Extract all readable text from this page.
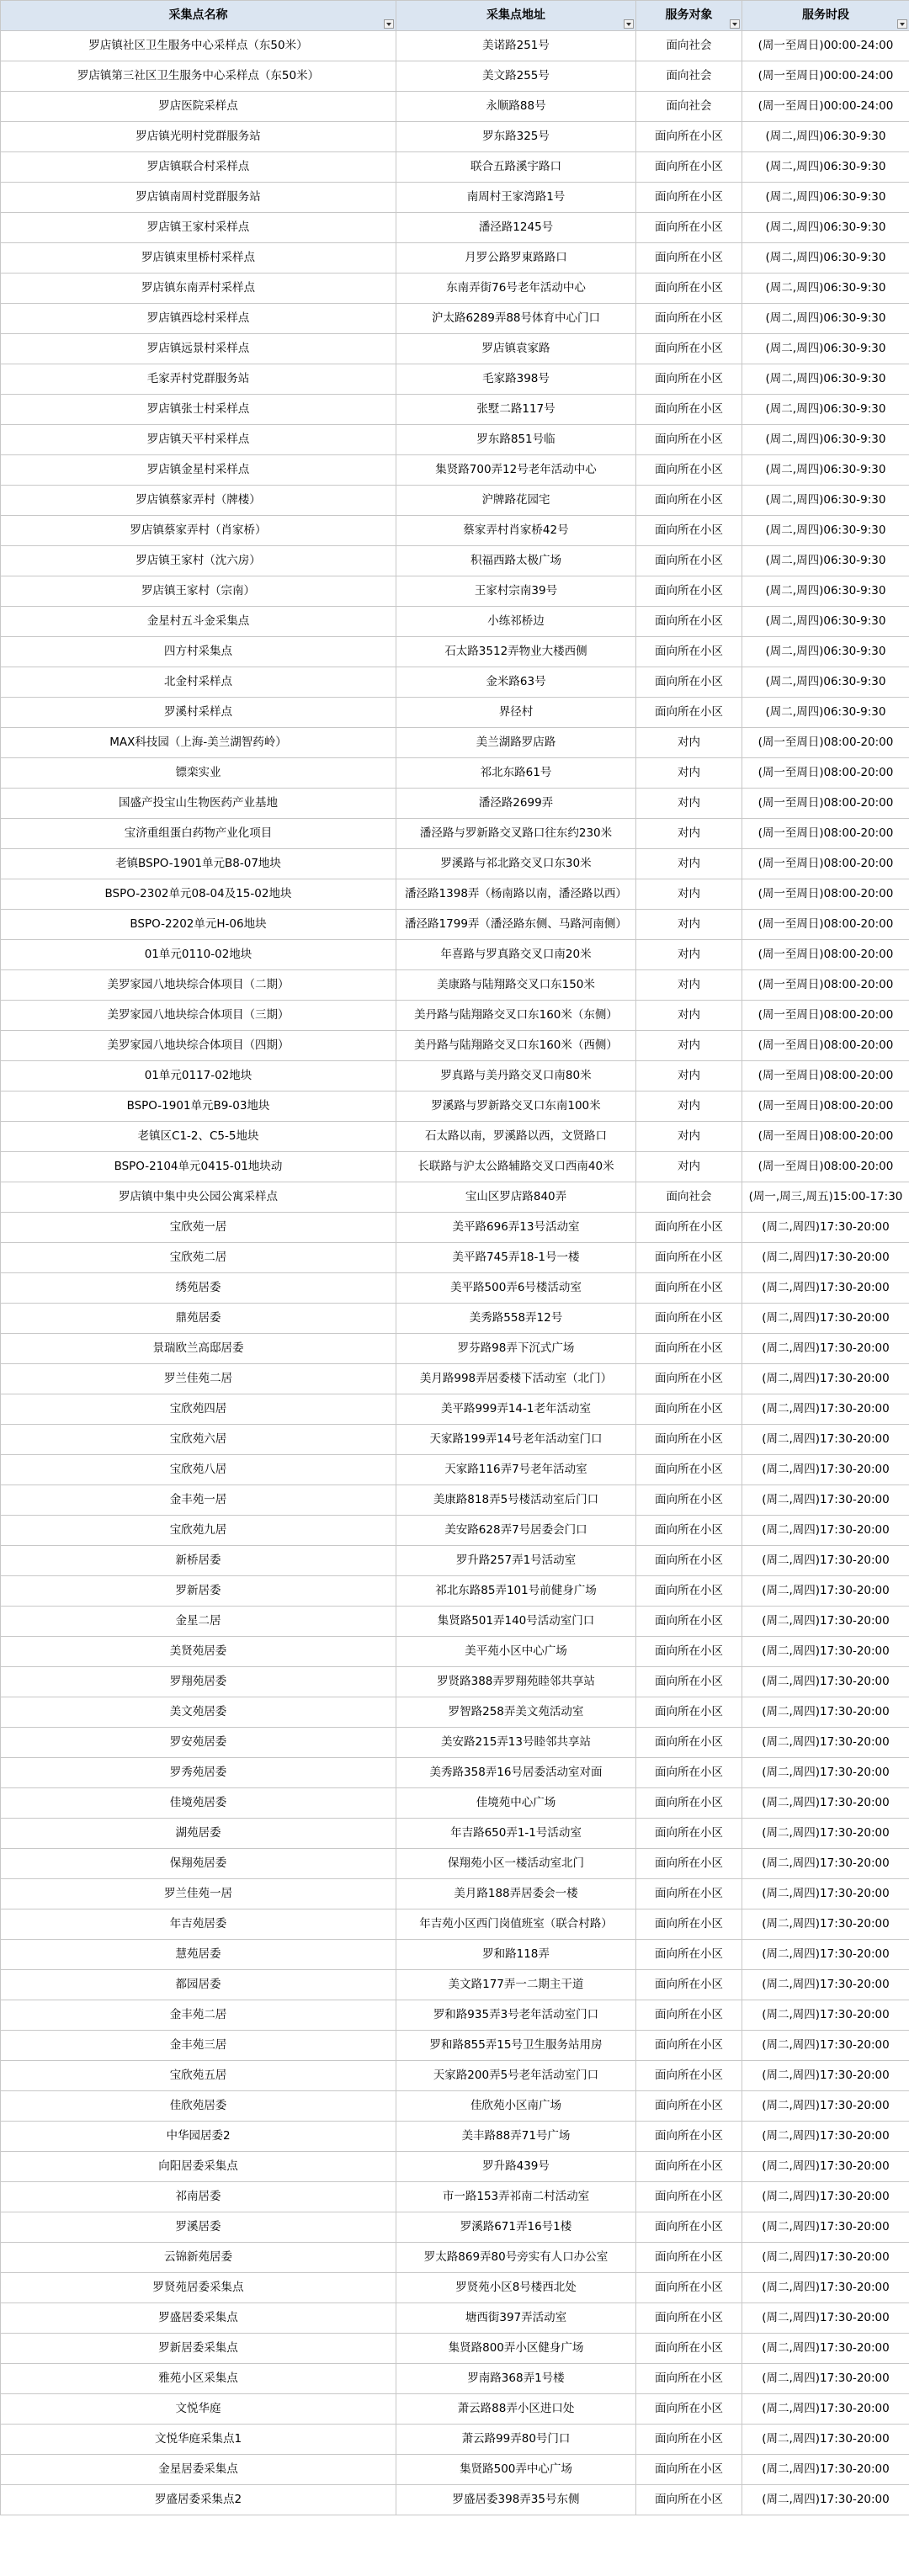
采集点名称	采集点地址	服务对象	服务时段

罗店镇社区卫生服务中心采样点（东50米）	美诺路251号	面向社会	(周一至周日)00:00-24:00
罗店镇第三社区卫生服务中心采样点（东50米）	美文路255号	面向社会	(周一至周日)00:00-24:00
罗店医院采样点	永顺路88号	面向社会	(周一至周日)00:00-24:00
罗店镇光明村党群服务站	罗东路325号	面向所在小区	(周二,周四)06:30-9:30
罗店镇联合村采样点	联合五路溪宇路口	面向所在小区	(周二,周四)06:30-9:30
罗店镇南周村党群服务站	南周村王家湾路1号	面向所在小区	(周二,周四)06:30-9:30
罗店镇王家村采样点	潘泾路1245号	面向所在小区	(周二,周四)06:30-9:30
罗店镇束里桥村采样点	月罗公路罗東路路口	面向所在小区	(周二,周四)06:30-9:30
罗店镇东南弄村采样点	东南弄街76号老年活动中心	面向所在小区	(周二,周四)06:30-9:30
罗店镇西埝村采样点	沪太路6289弄88号体育中心门口	面向所在小区	(周二,周四)06:30-9:30
罗店镇远景村采样点	罗店镇袁家路	面向所在小区	(周二,周四)06:30-9:30
毛家弄村党群服务站	毛家路398号	面向所在小区	(周二,周四)06:30-9:30
罗店镇张士村采样点	张墅二路117号	面向所在小区	(周二,周四)06:30-9:30
罗店镇天平村采样点	罗东路851号临	面向所在小区	(周二,周四)06:30-9:30
罗店镇金星村采样点	集贤路700弄12号老年活动中心	面向所在小区	(周二,周四)06:30-9:30
罗店镇蔡家弄村（牌楼）	沪牌路花园宅	面向所在小区	(周二,周四)06:30-9:30
罗店镇蔡家弄村（肖家桥）	蔡家弄村肖家桥42号	面向所在小区	(周二,周四)06:30-9:30
罗店镇王家村（沈六房）	积福西路太极广场	面向所在小区	(周二,周四)06:30-9:30
罗店镇王家村（宗南）	王家村宗南39号	面向所在小区	(周二,周四)06:30-9:30
金星村五斗金采集点	小练祁桥边	面向所在小区	(周二,周四)06:30-9:30
四方村采集点	石太路3512弄物业大楼西侧	面向所在小区	(周二,周四)06:30-9:30
北金村采样点	金米路63号	面向所在小区	(周二,周四)06:30-9:30
罗溪村采样点	界径村	面向所在小区	(周二,周四)06:30-9:30
MAX科技园（上海-美兰湖智药岭）	美兰湖路罗店路	对内	(周一至周日)08:00-20:00
镖栾实业	祁北东路61号	对内	(周一至周日)08:00-20:00
国盛产投宝山生物医药产业基地	潘泾路2699弄	对内	(周一至周日)08:00-20:00
宝济重组蛋白药物产业化项目	潘泾路与罗新路交叉路口往东约230米	对内	(周一至周日)08:00-20:00
老镇BSPO-1901单元B8-07地块	罗溪路与祁北路交叉口东30米	对内	(周一至周日)08:00-20:00
BSPO-2302单元08-04及15-02地块	潘泾路1398弄（杨南路以南，潘泾路以西）	对内	(周一至周日)08:00-20:00
BSPO-2202单元H-06地块	潘泾路1799弄（潘泾路东侧、马路河南侧）	对内	(周一至周日)08:00-20:00
01单元0110-02地块	年喜路与罗真路交叉口南20米	对内	(周一至周日)08:00-20:00
美罗家园八地块综合体项目（二期）	美康路与陆翔路交叉口东150米	对内	(周一至周日)08:00-20:00
美罗家园八地块综合体项目（三期）	美丹路与陆翔路交叉口东160米（东侧）	对内	(周一至周日)08:00-20:00
美罗家园八地块综合体项目（四期）	美丹路与陆翔路交叉口东160米（西侧）	对内	(周一至周日)08:00-20:00
01单元0117-02地块	罗真路与美丹路交叉口南80米	对内	(周一至周日)08:00-20:00
BSPO-1901单元B9-03地块	罗溪路与罗新路交叉口东南100米	对内	(周一至周日)08:00-20:00
老镇区C1-2、C5-5地块	石太路以南，罗溪路以西，文贤路口	对内	(周一至周日)08:00-20:00
BSPO-2104单元0415-01地块动	长联路与沪太公路辅路交叉口西南40米	对内	(周一至周日)08:00-20:00
罗店镇中集中央公园公寓采样点	宝山区罗店路840弄	面向社会	(周一,周三,周五)15:00-17:30
宝欣苑一居	美平路696弄13号活动室	面向所在小区	(周二,周四)17:30-20:00
宝欣苑二居	美平路745弄18-1号一楼	面向所在小区	(周二,周四)17:30-20:00
绣苑居委	美平路500弄6号楼活动室	面向所在小区	(周二,周四)17:30-20:00
鼎苑居委	美秀路558弄12号	面向所在小区	(周二,周四)17:30-20:00
景瑞欧兰高邸居委	罗芬路98弄下沉式广场	面向所在小区	(周二,周四)17:30-20:00
罗兰佳苑二居	美月路998弄居委楼下活动室（北门）	面向所在小区	(周二,周四)17:30-20:00
宝欣苑四居	美平路999弄14-1老年活动室	面向所在小区	(周二,周四)17:30-20:00
宝欣苑六居	天家路199弄14号老年活动室门口	面向所在小区	(周二,周四)17:30-20:00
宝欣苑八居	天家路116弄7号老年活动室	面向所在小区	(周二,周四)17:30-20:00
金丰苑一居	美康路818弄5号楼活动室后门口	面向所在小区	(周二,周四)17:30-20:00
宝欣苑九居	美安路628弄7号居委会门口	面向所在小区	(周二,周四)17:30-20:00
新桥居委	罗升路257弄1号活动室	面向所在小区	(周二,周四)17:30-20:00
罗新居委	祁北东路85弄101号前健身广场	面向所在小区	(周二,周四)17:30-20:00
金星二居	集贤路501弄140号活动室门口	面向所在小区	(周二,周四)17:30-20:00
美贤苑居委	美平苑小区中心广场	面向所在小区	(周二,周四)17:30-20:00
罗翔苑居委	罗贤路388弄罗翔苑睦邻共享站	面向所在小区	(周二,周四)17:30-20:00
美文苑居委	罗智路258弄美文苑活动室	面向所在小区	(周二,周四)17:30-20:00
罗安苑居委	美安路215弄13号睦邻共享站	面向所在小区	(周二,周四)17:30-20:00
罗秀苑居委	美秀路358弄16号居委活动室对面	面向所在小区	(周二,周四)17:30-20:00
佳境苑居委	佳境苑中心广场	面向所在小区	(周二,周四)17:30-20:00
湖苑居委	年吉路650弄1-1号活动室	面向所在小区	(周二,周四)17:30-20:00
保翔苑居委	保翔苑小区一楼活动室北门	面向所在小区	(周二,周四)17:30-20:00
罗兰佳苑一居	美月路188弄居委会一楼	面向所在小区	(周二,周四)17:30-20:00
年吉苑居委	年吉苑小区西门岗值班室（联合村路）	面向所在小区	(周二,周四)17:30-20:00
慧苑居委	罗和路118弄	面向所在小区	(周二,周四)17:30-20:00
都园居委	美文路177弄一二期主干道	面向所在小区	(周二,周四)17:30-20:00
金丰苑二居	罗和路935弄3号老年活动室门口	面向所在小区	(周二,周四)17:30-20:00
金丰苑三居	罗和路855弄15号卫生服务站用房	面向所在小区	(周二,周四)17:30-20:00
宝欣苑五居	天家路200弄5号老年活动室门口	面向所在小区	(周二,周四)17:30-20:00
佳欣苑居委	佳欣苑小区南广场	面向所在小区	(周二,周四)17:30-20:00
中华园居委2	美丰路88弄71号广场	面向所在小区	(周二,周四)17:30-20:00
向阳居委采集点	罗升路439号	面向所在小区	(周二,周四)17:30-20:00
祁南居委	市一路153弄祁南二村活动室	面向所在小区	(周二,周四)17:30-20:00
罗溪居委	罗溪路671弄16号1楼	面向所在小区	(周二,周四)17:30-20:00
云锦新苑居委	罗太路869弄80号旁实有人口办公室	面向所在小区	(周二,周四)17:30-20:00
罗贤苑居委采集点	罗贤苑小区8号楼西北处	面向所在小区	(周二,周四)17:30-20:00
罗盛居委采集点	塘西街397弄活动室	面向所在小区	(周二,周四)17:30-20:00
罗新居委采集点	集贤路800弄小区健身广场	面向所在小区	(周二,周四)17:30-20:00
雅苑小区采集点	罗南路368弄1号楼	面向所在小区	(周二,周四)17:30-20:00
文悦华庭	萧云路88弄小区进口处	面向所在小区	(周二,周四)17:30-20:00
文悦华庭采集点1	萧云路99弄80号门口	面向所在小区	(周二,周四)17:30-20:00
金星居委采集点	集贤路500弄中心广场	面向所在小区	(周二,周四)17:30-20:00
罗盛居委采集点2	罗盛居委398弄35号东侧	面向所在小区	(周二,周四)17:30-20:00
